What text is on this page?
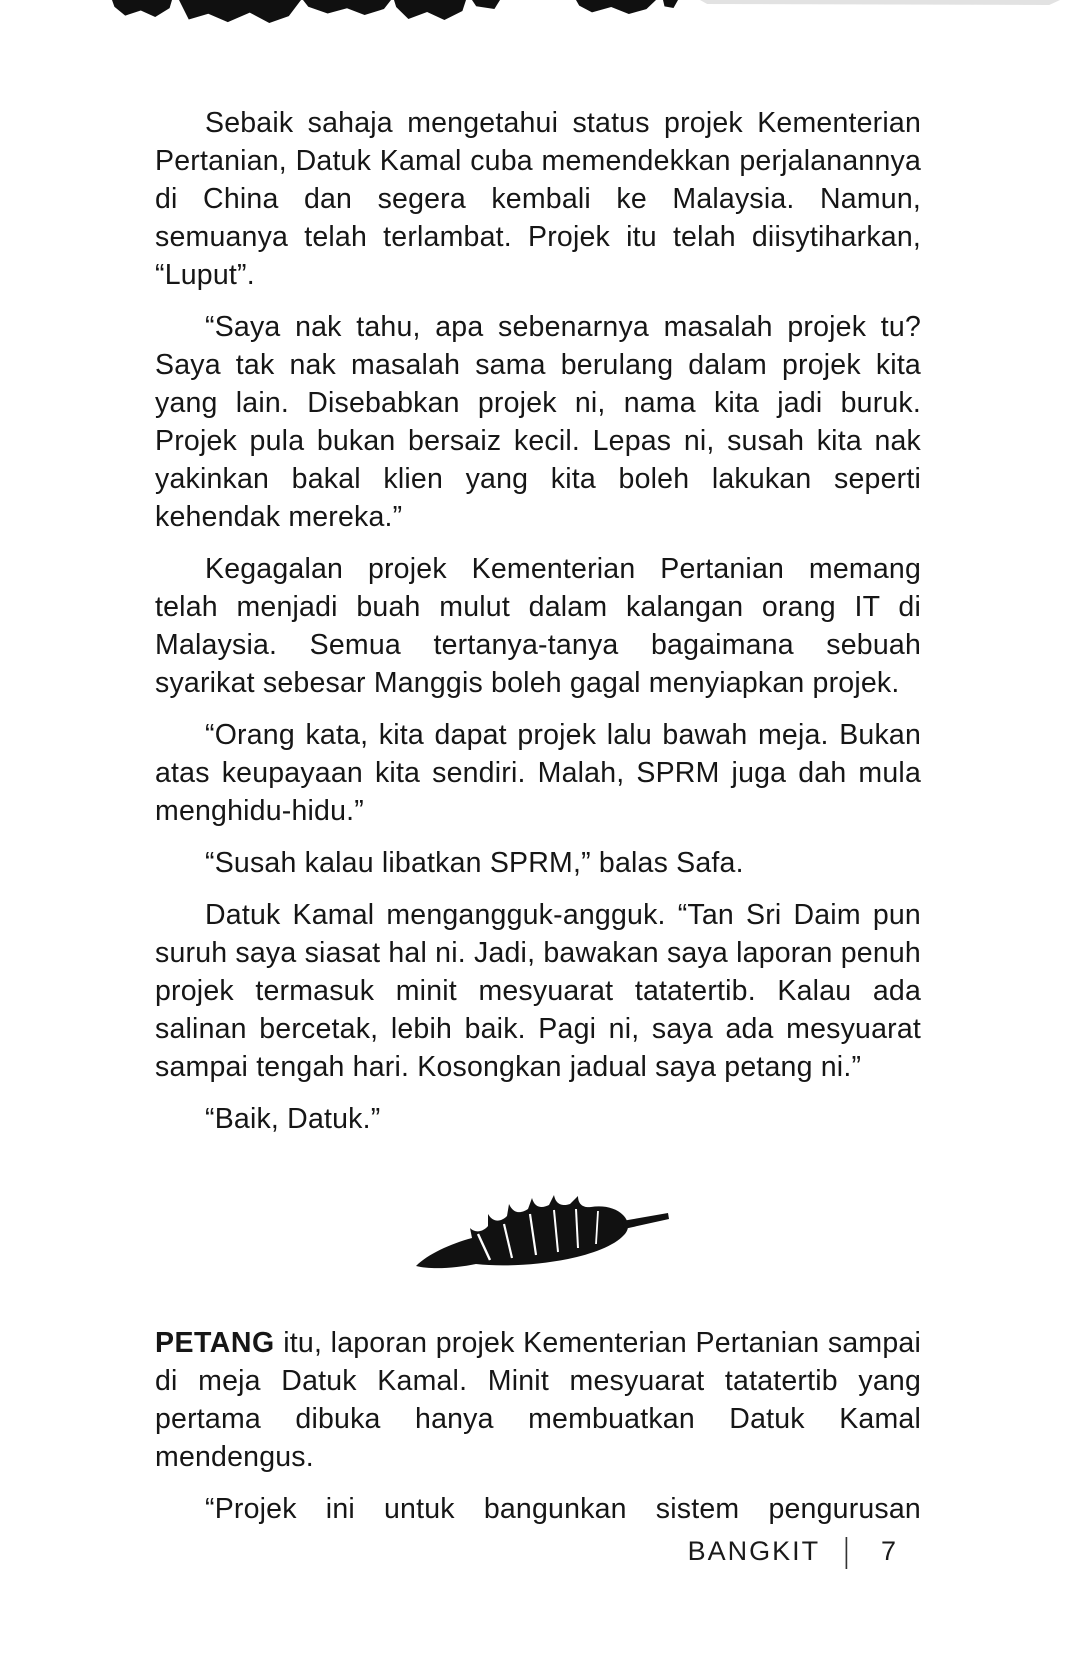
Sebaik sahaja mengetahui status projek Kementerian Pertanian, Datuk Kamal cuba memendekkan perjalanannya di China dan segera kembali ke Malaysia. Namun, semuanya telah terlambat. Projek itu telah diisytiharkan, “Luput”.

“Saya nak tahu, apa sebenarnya masalah projek tu? Saya tak nak masalah sama berulang dalam projek kita yang lain. Disebabkan projek ni, nama kita jadi buruk. Projek pula bukan bersaiz kecil. Lepas ni, susah kita nak yakinkan bakal klien yang kita boleh lakukan seperti kehendak mereka.”

Kegagalan projek Kementerian Pertanian memang telah menjadi buah mulut dalam kalangan orang IT di Malaysia. Semua tertanya-tanya bagaimana sebuah syarikat sebesar Manggis boleh gagal menyiapkan projek.

“Orang kata, kita dapat projek lalu bawah meja. Bukan atas keupayaan kita sendiri. Malah, SPRM juga dah mula menghidu-hidu.”

“Susah kalau libatkan SPRM,” balas Safa.

Datuk Kamal mengangguk-angguk. “Tan Sri Daim pun suruh saya siasat hal ni. Jadi, bawakan saya laporan penuh projek termasuk minit mesyuarat tatatertib. Kalau ada salinan bercetak, lebih baik. Pagi ni, saya ada mesyuarat sampai tengah hari. Kosongkan jadual saya petang ni.”

“Baik, Datuk.”

PETANG itu, laporan projek Kementerian Pertanian sampai di meja Datuk Kamal. Minit mesyuarat tatatertib yang pertama dibuka hanya membuatkan Datuk Kamal mendengus.

“Projek ini untuk bangunkan sistem pengurusan

BANGKIT | 7
